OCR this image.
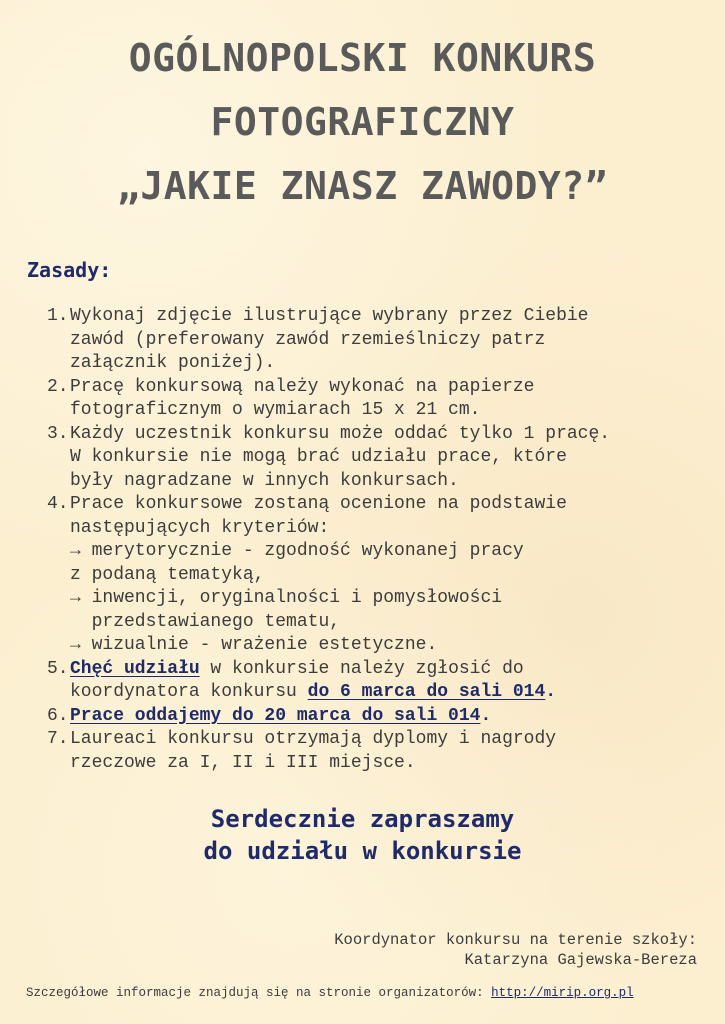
OGÓLNOPOLSKI KONKURS
FOTOGRAFICZNY
„JAKIE ZNASZ ZAWODY?”
Zasady:
1. Wykonaj zdjęcie ilustrujące wybrany przez Ciebie
zawód (preferowany zawód rzemieślniczy patrz
załącznik poniżej).
2. Pracę konkursową należy wykonać na papierze
fotograficznym o wymiarach 15 x 21 cm.
3. Każdy uczestnik konkursu może oddać tylko 1 pracę.
W konkursie nie mogą brać udziału prace, które
były nagradzane w innych konkursach.
4. Prace konkursowe zostaną ocenione na podstawie
następujących kryteriów:
→ merytorycznie - zgodność wykonanej pracy
z podaną tematyką,
→ inwencji, oryginalności i pomysłowości
przedstawianego tematu,
→ wizualnie - wrażenie estetyczne.
5. Chęć udziału w konkursie należy zgłosić do
koordynatora konkursu do 6 marca do sali 014.
6. Prace oddajemy do 20 marca do sali 014.
7. Laureaci konkursu otrzymają dyplomy i nagrody
rzeczowe za I, II i III miejsce.
Serdecznie zapraszamy
do udziału w konkursie
Koordynator konkursu na terenie szkoły:
Katarzyna Gajewska-Bereza
Szczegółowe informacje znajdują się na stronie organizatorów: http://mirip.org.pl
